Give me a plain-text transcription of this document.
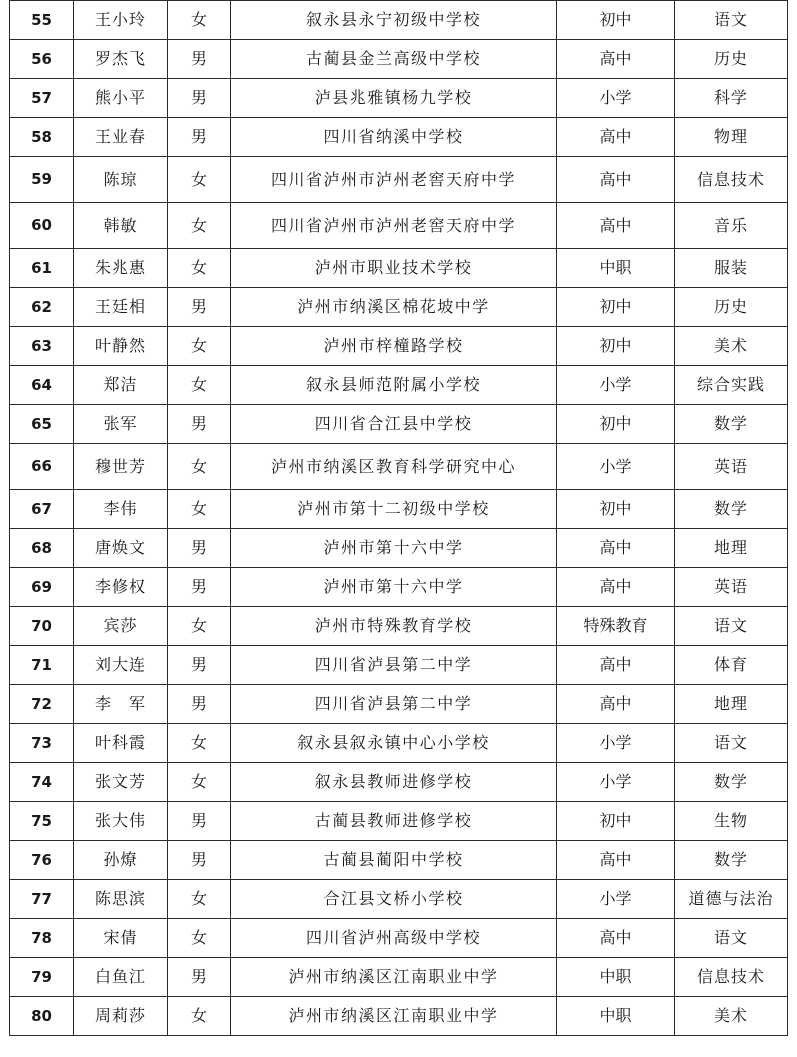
55	王小玲	女	叙永县永宁初级中学校	初中	语文
56	罗杰飞	男	古蔺县金兰高级中学校	高中	历史
57	熊小平	男	泸县兆雅镇杨九学校	小学	科学
58	王业春	男	四川省纳溪中学校	高中	物理
59	陈琼	女	四川省泸州市泸州老窖天府中学	高中	信息技术
60	韩敏	女	四川省泸州市泸州老窖天府中学	高中	音乐
61	朱兆惠	女	泸州市职业技术学校	中职	服装
62	王廷相	男	泸州市纳溪区棉花坡中学	初中	历史
63	叶静然	女	泸州市梓橦路学校	初中	美术
64	郑洁	女	叙永县师范附属小学校	小学	综合实践
65	张军	男	四川省合江县中学校	初中	数学
66	穆世芳	女	泸州市纳溪区教育科学研究中心	小学	英语
67	李伟	女	泸州市第十二初级中学校	初中	数学
68	唐焕文	男	泸州市第十六中学	高中	地理
69	李修权	男	泸州市第十六中学	高中	英语
70	宾莎	女	泸州市特殊教育学校	特殊教育	语文
71	刘大连	男	四川省泸县第二中学	高中	体育
72	李　军	男	四川省泸县第二中学	高中	地理
73	叶科霞	女	叙永县叙永镇中心小学校	小学	语文
74	张文芳	女	叙永县教师进修学校	小学	数学
75	张大伟	男	古蔺县教师进修学校	初中	生物
76	孙燎	男	古蔺县蔺阳中学校	高中	数学
77	陈思滨	女	合江县文桥小学校	小学	道德与法治
78	宋倩	女	四川省泸州高级中学校	高中	语文
79	白鱼江	男	泸州市纳溪区江南职业中学	中职	信息技术
80	周莉莎	女	泸州市纳溪区江南职业中学	中职	美术
